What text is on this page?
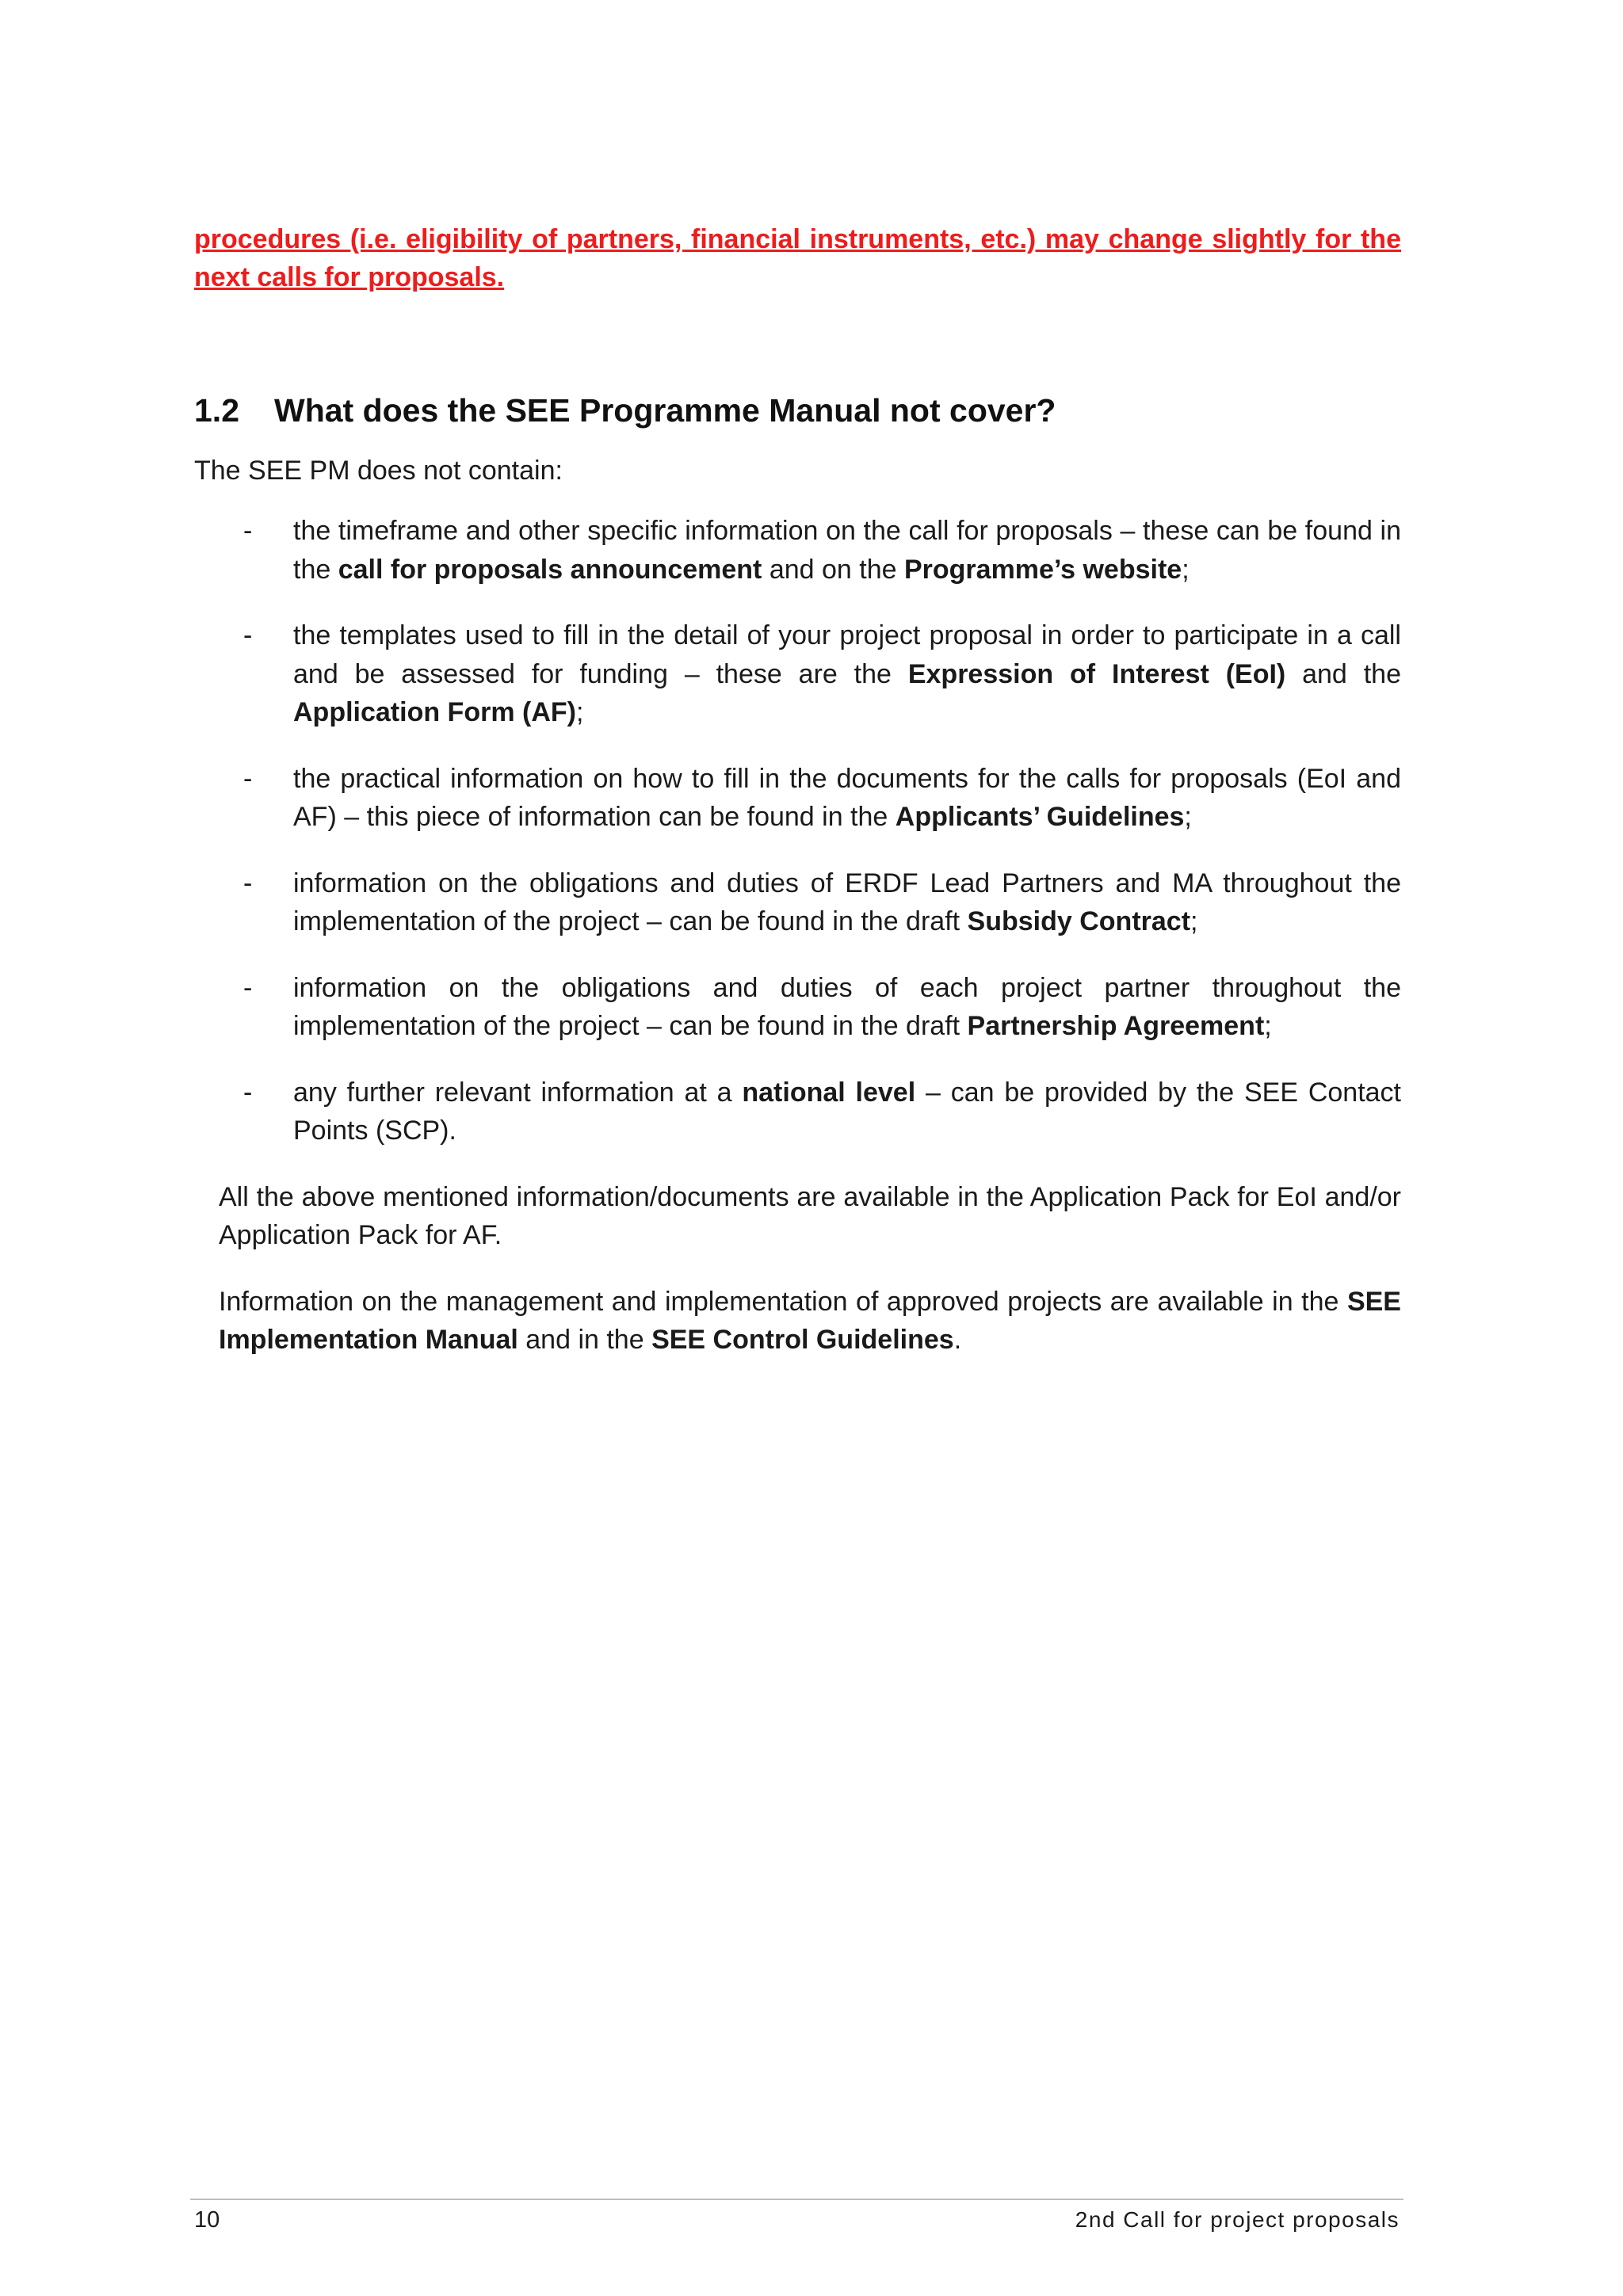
procedures (i.e. eligibility of partners, financial instruments, etc.) may change slightly for the next calls for proposals.

1.2	What does the SEE Programme Manual not cover?

The SEE PM does not contain:

- the timeframe and other specific information on the call for proposals – these can be found in the call for proposals announcement and on the Programme’s website;
- the templates used to fill in the detail of your project proposal in order to participate in a call and be assessed for funding – these are the Expression of Interest (EoI) and the Application Form (AF);
- the practical information on how to fill in the documents for the calls for proposals (EoI and AF) – this piece of information can be found in the Applicants’ Guidelines;
- information on the obligations and duties of ERDF Lead Partners and MA throughout the implementation of the project – can be found in the draft Subsidy Contract;
- information on the obligations and duties of each project partner throughout the implementation of the project – can be found in the draft Partnership Agreement;
- any further relevant information at a national level – can be provided by the SEE Contact Points (SCP).

All the above mentioned information/documents are available in the Application Pack for EoI and/or Application Pack for AF.

Information on the management and implementation of approved projects are available in the SEE Implementation Manual and in the SEE Control Guidelines.

10	2nd Call for project proposals
